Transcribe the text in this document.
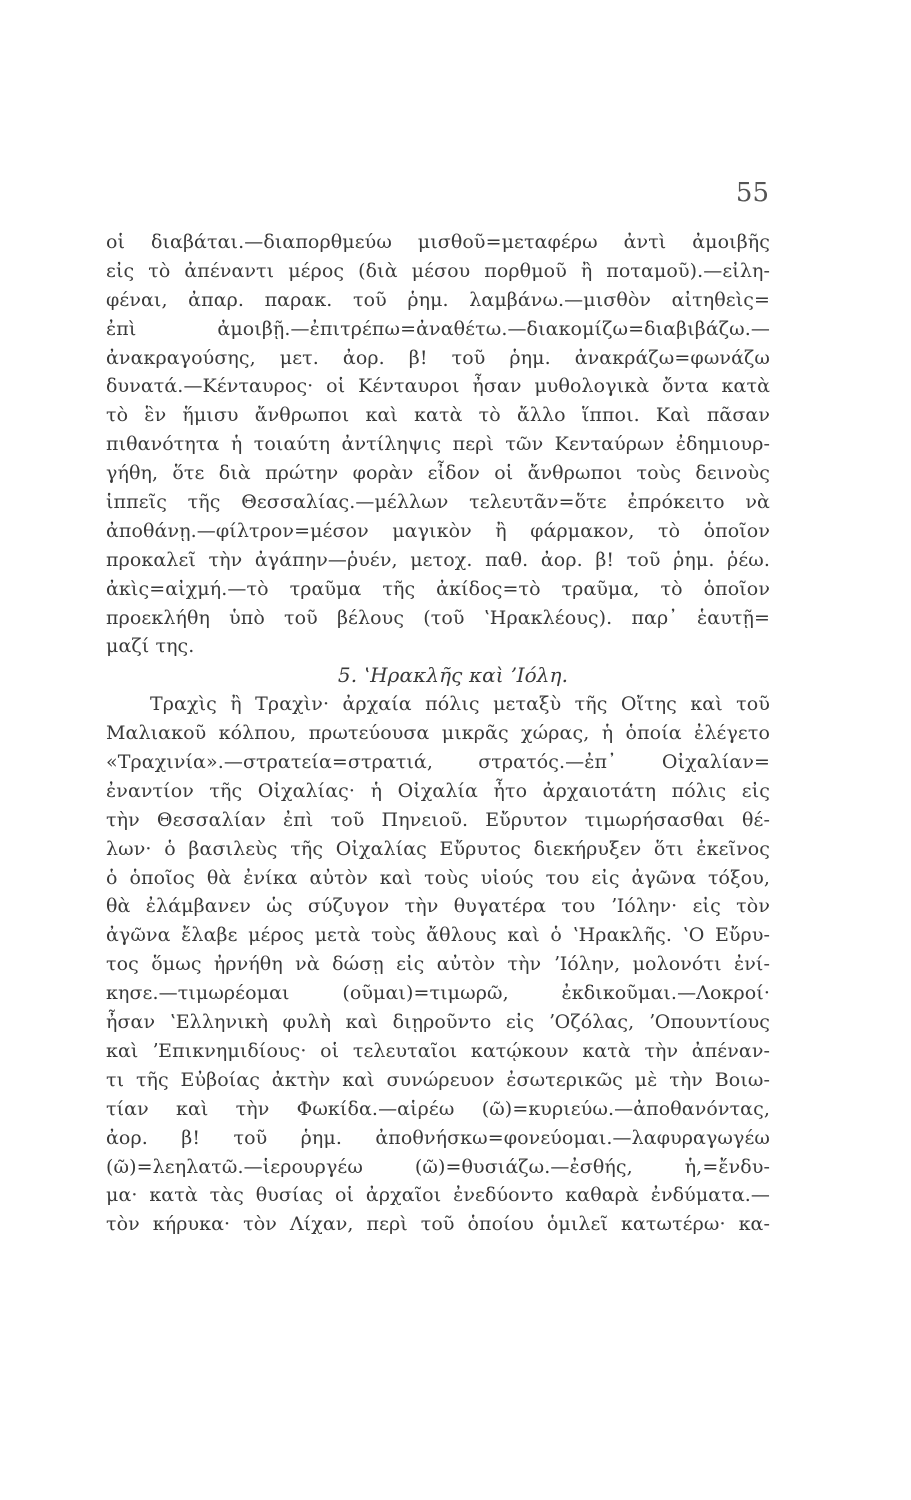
55
οἱ διαβάται.—διαπορθμεύω μισθοῦ=μεταφέρω ἀντὶ ἀμοιβῆς
εἰς τὸ ἀπέναντι μέρος (διὰ μέσου πορθμοῦ ἢ ποταμοῦ).—εἰλη-
φέναι, ἀπαρ. παρακ. τοῦ ῥημ. λαμβάνω.—μισθὸν αἰτηθεὶς=
ἐπὶ ἀμοιβῇ.—ἐπιτρέπω=ἀναθέτω.—διακομίζω=διαβιβάζω.—
ἀνακραγούσης, μετ. ἀορ. β! τοῦ ῥημ. ἀνακράζω=φωνάζω
δυνατά.—Κένταυρος· οἱ Κένταυροι ἦσαν μυθολογικὰ ὄντα κατὰ
τὸ ἓν ἥμισυ ἄνθρωποι καὶ κατὰ τὸ ἄλλο ἵπποι. Καὶ πᾶσαν
πιθανότητα ἡ τοιαύτη ἀντίληψις περὶ τῶν Κενταύρων ἐδημιουρ-
γήθη, ὅτε διὰ πρώτην φορὰν εἶδον οἱ ἄνθρωποι τοὺς δεινοὺς
ἱππεῖς τῆς Θεσσαλίας.—μέλλων τελευτᾶν=ὅτε ἐπρόκειτο νὰ
ἀποθάνῃ.—φίλτρον=μέσον μαγικὸν ἢ φάρμακον, τὸ ὁποῖον
προκαλεῖ τὴν ἀγάπην—ῥυέν, μετοχ. παθ. ἀορ. β! τοῦ ῥημ. ῥέω.
ἀκὶς=αἰχμή.—τὸ τραῦμα τῆς ἀκίδος=τὸ τραῦμα, τὸ ὁποῖον
προεκλήθη ὑπὸ τοῦ βέλους (τοῦ ʽΗρακλέους). παρ᾽ ἑαυτῇ=
μαζί της.
5. ʽΗρακλῆς καὶ ʼΙόλη.
Τραχὶς ἢ Τραχὶν· ἀρχαία πόλις μεταξὺ τῆς Οἴτης καὶ τοῦ
Μαλιακοῦ κόλπου, πρωτεύουσα μικρᾶς χώρας, ἡ ὁποία ἐλέγετο
«Τραχινία».—στρατεία=στρατιά, στρατός.—ἐπ᾽ Οἰχαλίαν=
ἐναντίον τῆς Οἰχαλίας· ἡ Οἰχαλία ἦτο ἀρχαιοτάτη πόλις εἰς
τὴν Θεσσαλίαν ἐπὶ τοῦ Πηνειοῦ. Εὔρυτον τιμωρήσασθαι θέ-
λων· ὁ βασιλεὺς τῆς Οἰχαλίας Εὔρυτος διεκήρυξεν ὅτι ἐκεῖνος
ὁ ὁποῖος θὰ ἐνίκα αὐτὸν καὶ τοὺς υἱούς του εἰς ἀγῶνα τόξου,
θὰ ἐλάμβανεν ὡς σύζυγον τὴν θυγατέρα του ʼΙόλην· εἰς τὸν
ἀγῶνα ἔλαβε μέρος μετὰ τοὺς ἄθλους καὶ ὁ ʽΗρακλῆς. ʽΟ Εὔρυ-
τος ὅμως ἠρνήθη νὰ δώσῃ εἰς αὐτὸν τὴν ʼΙόλην, μολονότι ἐνί-
κησε.—τιμωρέομαι (οῦμαι)=τιμωρῶ, ἐκδικοῦμαι.—Λοκροί·
ἦσαν ʽΕλληνικὴ φυλὴ καὶ διῃροῦντο εἰς ʼΟζόλας, ʼΟπουντίους
καὶ ʼΕπικνημιδίους· οἱ τελευταῖοι κατῴκουν κατὰ τὴν ἀπέναν-
τι τῆς Εὐβοίας ἀκτὴν καὶ συνώρευον ἐσωτερικῶς μὲ τὴν Βοιω-
τίαν καὶ τὴν Φωκίδα.—αἱρέω (ῶ)=κυριεύω.—ἀποθανόντας,
ἀορ. β! τοῦ ῥημ. ἀποθνήσκω=φονεύομαι.—λαφυραγωγέω
(ῶ)=λεηλατῶ.—ἱερουργέω (ῶ)=θυσιάζω.—ἐσθής, ἡ,=ἔνδυ-
μα· κατὰ τὰς θυσίας οἱ ἀρχαῖοι ἐνεδύοντο καθαρὰ ἐνδύματα.—
τὸν κήρυκα· τὸν Λίχαν, περὶ τοῦ ὁποίου ὁμιλεῖ κατωτέρω· κα-
